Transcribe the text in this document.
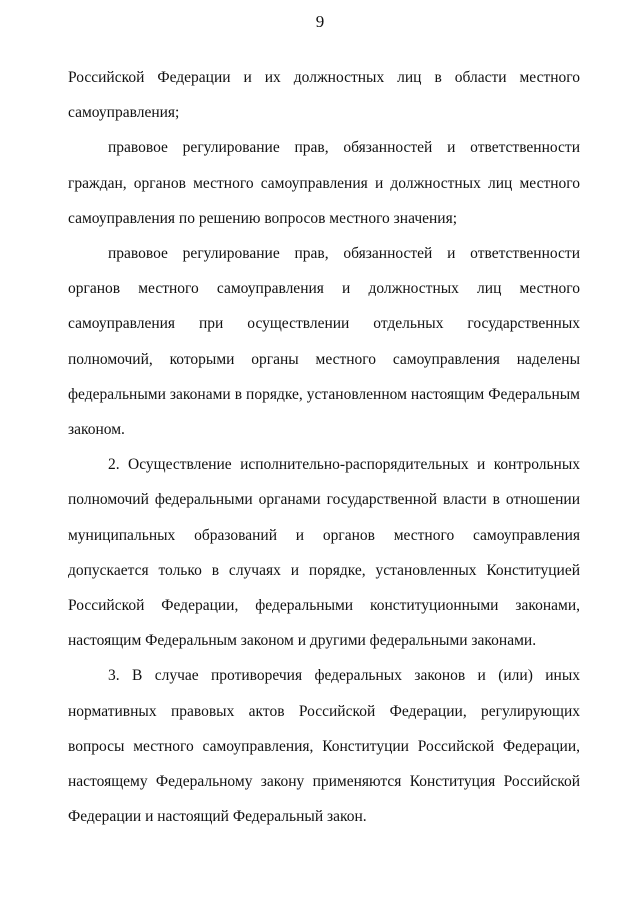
9

Российской Федерации и их должностных лиц в области местного самоуправления;

правовое регулирование прав, обязанностей и ответственности граждан, органов местного самоуправления и должностных лиц местного самоуправления по решению вопросов местного значения;

правовое регулирование прав, обязанностей и ответственности органов местного самоуправления и должностных лиц местного самоуправления при осуществлении отдельных государственных полномочий, которыми органы местного самоуправления наделены федеральными законами в порядке, установленном настоящим Федеральным законом.

2. Осуществление исполнительно-распорядительных и контрольных полномочий федеральными органами государственной власти в отношении муниципальных образований и органов местного самоуправления допускается только в случаях и порядке, установленных Конституцией Российской Федерации, федеральными конституционными законами, настоящим Федеральным законом и другими федеральными законами.

3. В случае противоречия федеральных законов и (или) иных нормативных правовых актов Российской Федерации, регулирующих вопросы местного самоуправления, Конституции Российской Федерации, настоящему Федеральному закону применяются Конституция Российской Федерации и настоящий Федеральный закон.
